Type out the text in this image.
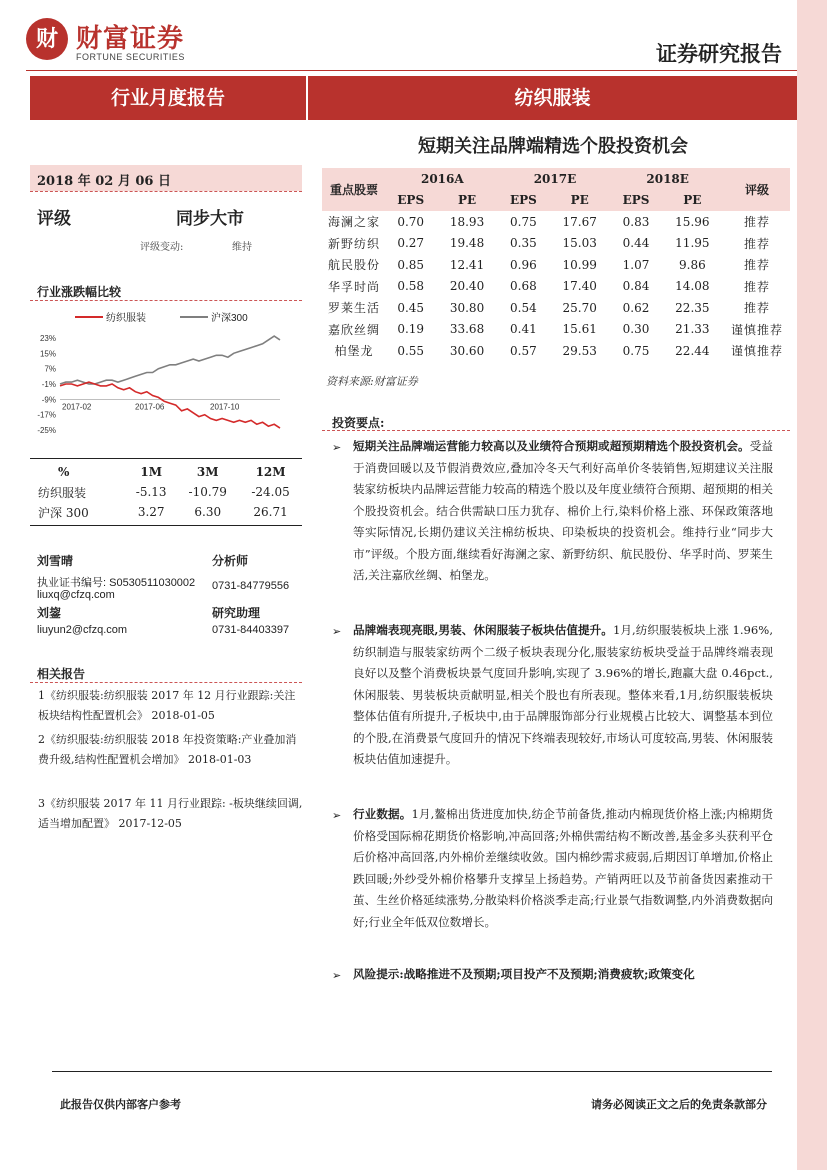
财 财富证券
FORTUNE SECURITIES	证券研究报告
行业月度报告	纺织服装
短期关注品牌端精选个股投资机会
2018 年 02 月 06 日
评级	同步大市
评级变动:	维持
行业涨跌幅比较
纺织服装	沪深300
23%
15%
7%
-1%
-9%
-17%
-25%
2017-02	2017-06	2017-10
%	1M	3M	12M
纺织服装	-5.13	-10.79	-24.05
沪深 300	3.27	6.30	26.71
刘雪晴	分析师
执业证书编号: S0530511030002 0731-84779556
liuxq@cfzq.com
刘鋆	研究助理
liuyun2@cfzq.com	0731-84403397
相关报告
1《纺织服装:纺织服装 2017 年 12 月行业跟踪:关注板块结构性配置机会》 2018-01-05
2《纺织服装:纺织服装 2018 年投资策略:产业叠加消费升级,结构性配置机会增加》 2018-01-03
3《纺织服装 2017 年 11 月行业跟踪: -板块继续回调,适当增加配置》 2017-12-05
重点股票	2016A		2017E		2018E		评级
	EPS	PE	EPS	PE	EPS	PE	
海澜之家	0.70	18.93	0.75	17.67	0.83	15.96	推荐
新野纺织	0.27	19.48	0.35	15.03	0.44	11.95	推荐
航民股份	0.85	12.41	0.96	10.99	1.07	9.86	推荐
华孚时尚	0.58	20.40	0.68	17.40	0.84	14.08	推荐
罗莱生活	0.45	30.80	0.54	25.70	0.62	22.35	推荐
嘉欣丝绸	0.19	33.68	0.41	15.61	0.30	21.33	谨慎推荐
柏堡龙	0.55	30.60	0.57	29.53	0.75	22.44	谨慎推荐
资料来源:财富证券
投资要点:
➢ 短期关注品牌端运营能力较高以及业绩符合预期或超预期精选个股投资机会。受益于消费回暖以及节假消费效应,叠加冷冬天气利好高单价冬装销售,短期建议关注服装家纺板块内品牌运营能力较高的精选个股以及年度业绩符合预期、超预期的相关个股投资机会。结合供需缺口压力犹存、棉价上行,染料价格上涨、环保政策落地等实际情况,长期仍建议关注棉纺板块、印染板块的投资机会。维持行业“同步大市”评级。个股方面,继续看好海澜之家、新野纺织、航民股份、华孚时尚、罗莱生活,关注嘉欣丝绸、柏堡龙。
➢ 品牌端表现亮眼,男装、休闲服装子板块估值提升。1月,纺织服装板块上涨 1.96%,纺织制造与服装家纺两个二级子板块表现分化,服装家纺板块受益于品牌终端表现良好以及整个消费板块景气度回升影响,实现了 3.96%的增长,跑赢大盘 0.46pct.,休闲服装、男装板块贡献明显,相关个股也有所表现。整体来看,1月,纺织服装板块整体估值有所提升,子板块中,由于品牌服饰部分行业规模占比较大、调整基本到位的个股,在消费景气度回升的情况下终端表现较好,市场认可度较高,男装、休闲服装板块估值加速提升。
➢ 行业数据。1月,鳌棉出货进度加快,纺企节前备货,推动内棉现货价格上涨;内棉期货价格受国际棉花期货价格影响,冲高回落;外棉供需结构不断改善,基金多头获利平仓后价格冲高回落,内外棉价差继续收敛。国内棉纱需求疲弱,后期因订单增加,价格止跌回暖;外纱受外棉价格攀升支撑呈上扬趋势。产销两旺以及节前备货因素推动干茧、生丝价格延续涨势,分散染料价格淡季走高;行业景气指数调整,内外消费数据向好;行业全年低双位数增长。
➢ 风险提示:战略推进不及预期;项目投产不及预期;消费疲软;政策变化
此报告仅供内部客户参考	请务必阅读正文之后的免责条款部分
